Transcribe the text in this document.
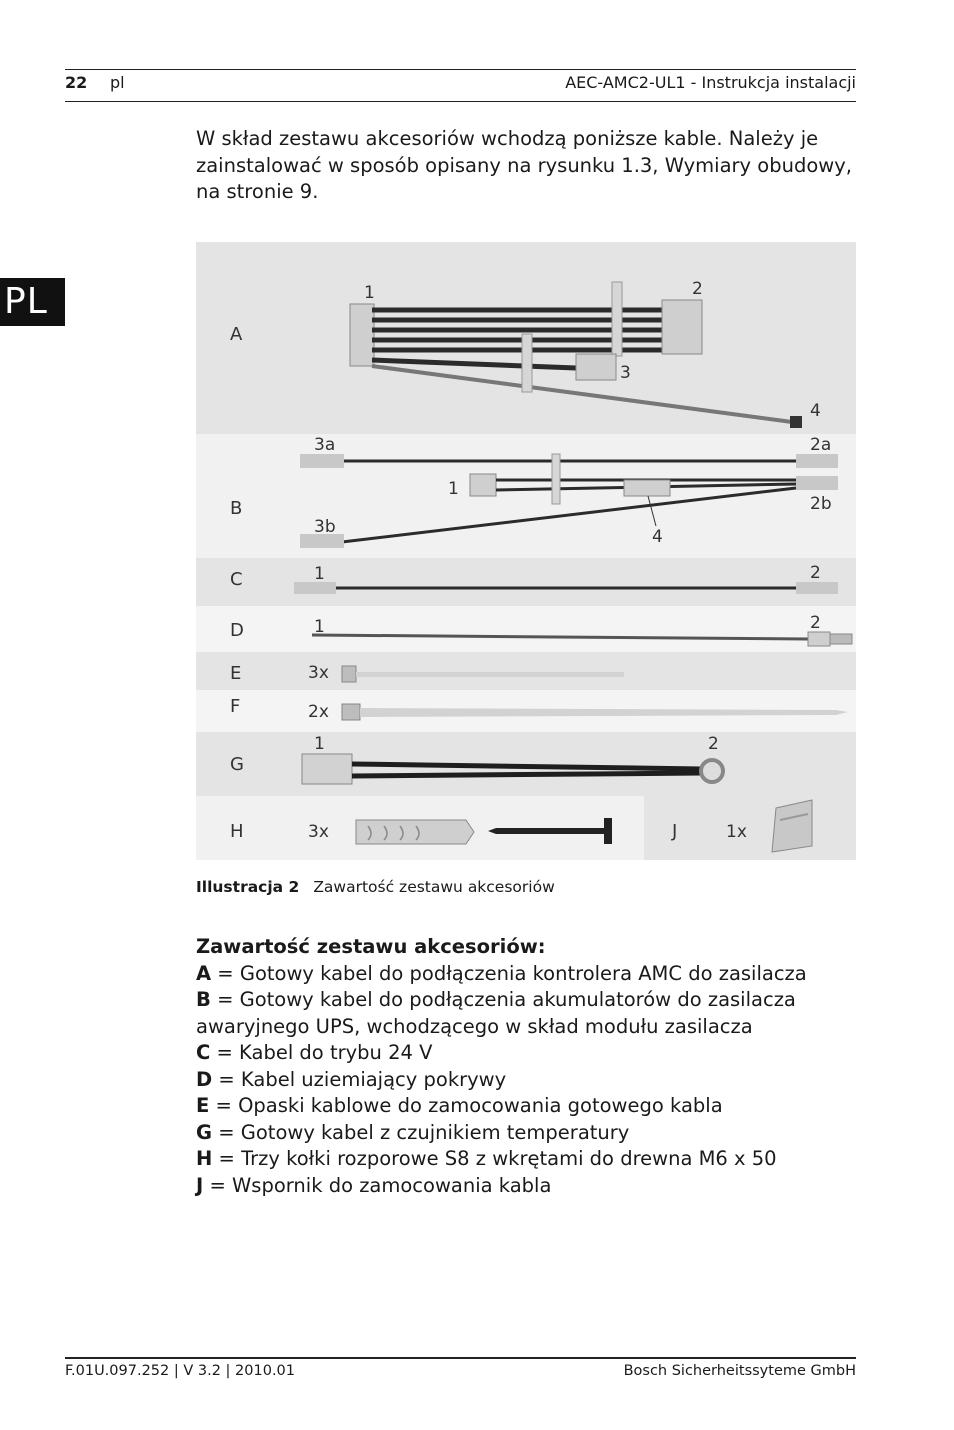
22 pl	AEC-AMC2-UL1 - Instrukcja instalacji
PL

W skład zestawu akcesoriów wchodzą poniższe kable. Należy je zainstalować w sposób opisany na rysunku 1.3, Wymiary obudowy, na stronie 9.

A
B
C
D
E
F
G
H	J
1	2
3
4
3a	2a
1
2b
3b	4
1	2
1	2
3x
2x
1	2
3x	1x
Illustracja 2 Zawartość zestawu akcesoriów
Zawartość zestawu akcesoriów:
A = Gotowy kabel do podłączenia kontrolera AMC do zasilacza
B = Gotowy kabel do podłączenia akumulatorów do zasilacza awaryjnego UPS, wchodzącego w skład modułu zasilacza
C = Kabel do trybu 24 V
D = Kabel uziemiający pokrywy
E = Opaski kablowe do zamocowania gotowego kabla
G = Gotowy kabel z czujnikiem temperatury
H = Trzy kołki rozporowe S8 z wkrętami do drewna M6 x 50
J = Wspornik do zamocowania kabla
F.01U.097.252 | V 3.2 | 2010.01	Bosch Sicherheitssyteme GmbH
